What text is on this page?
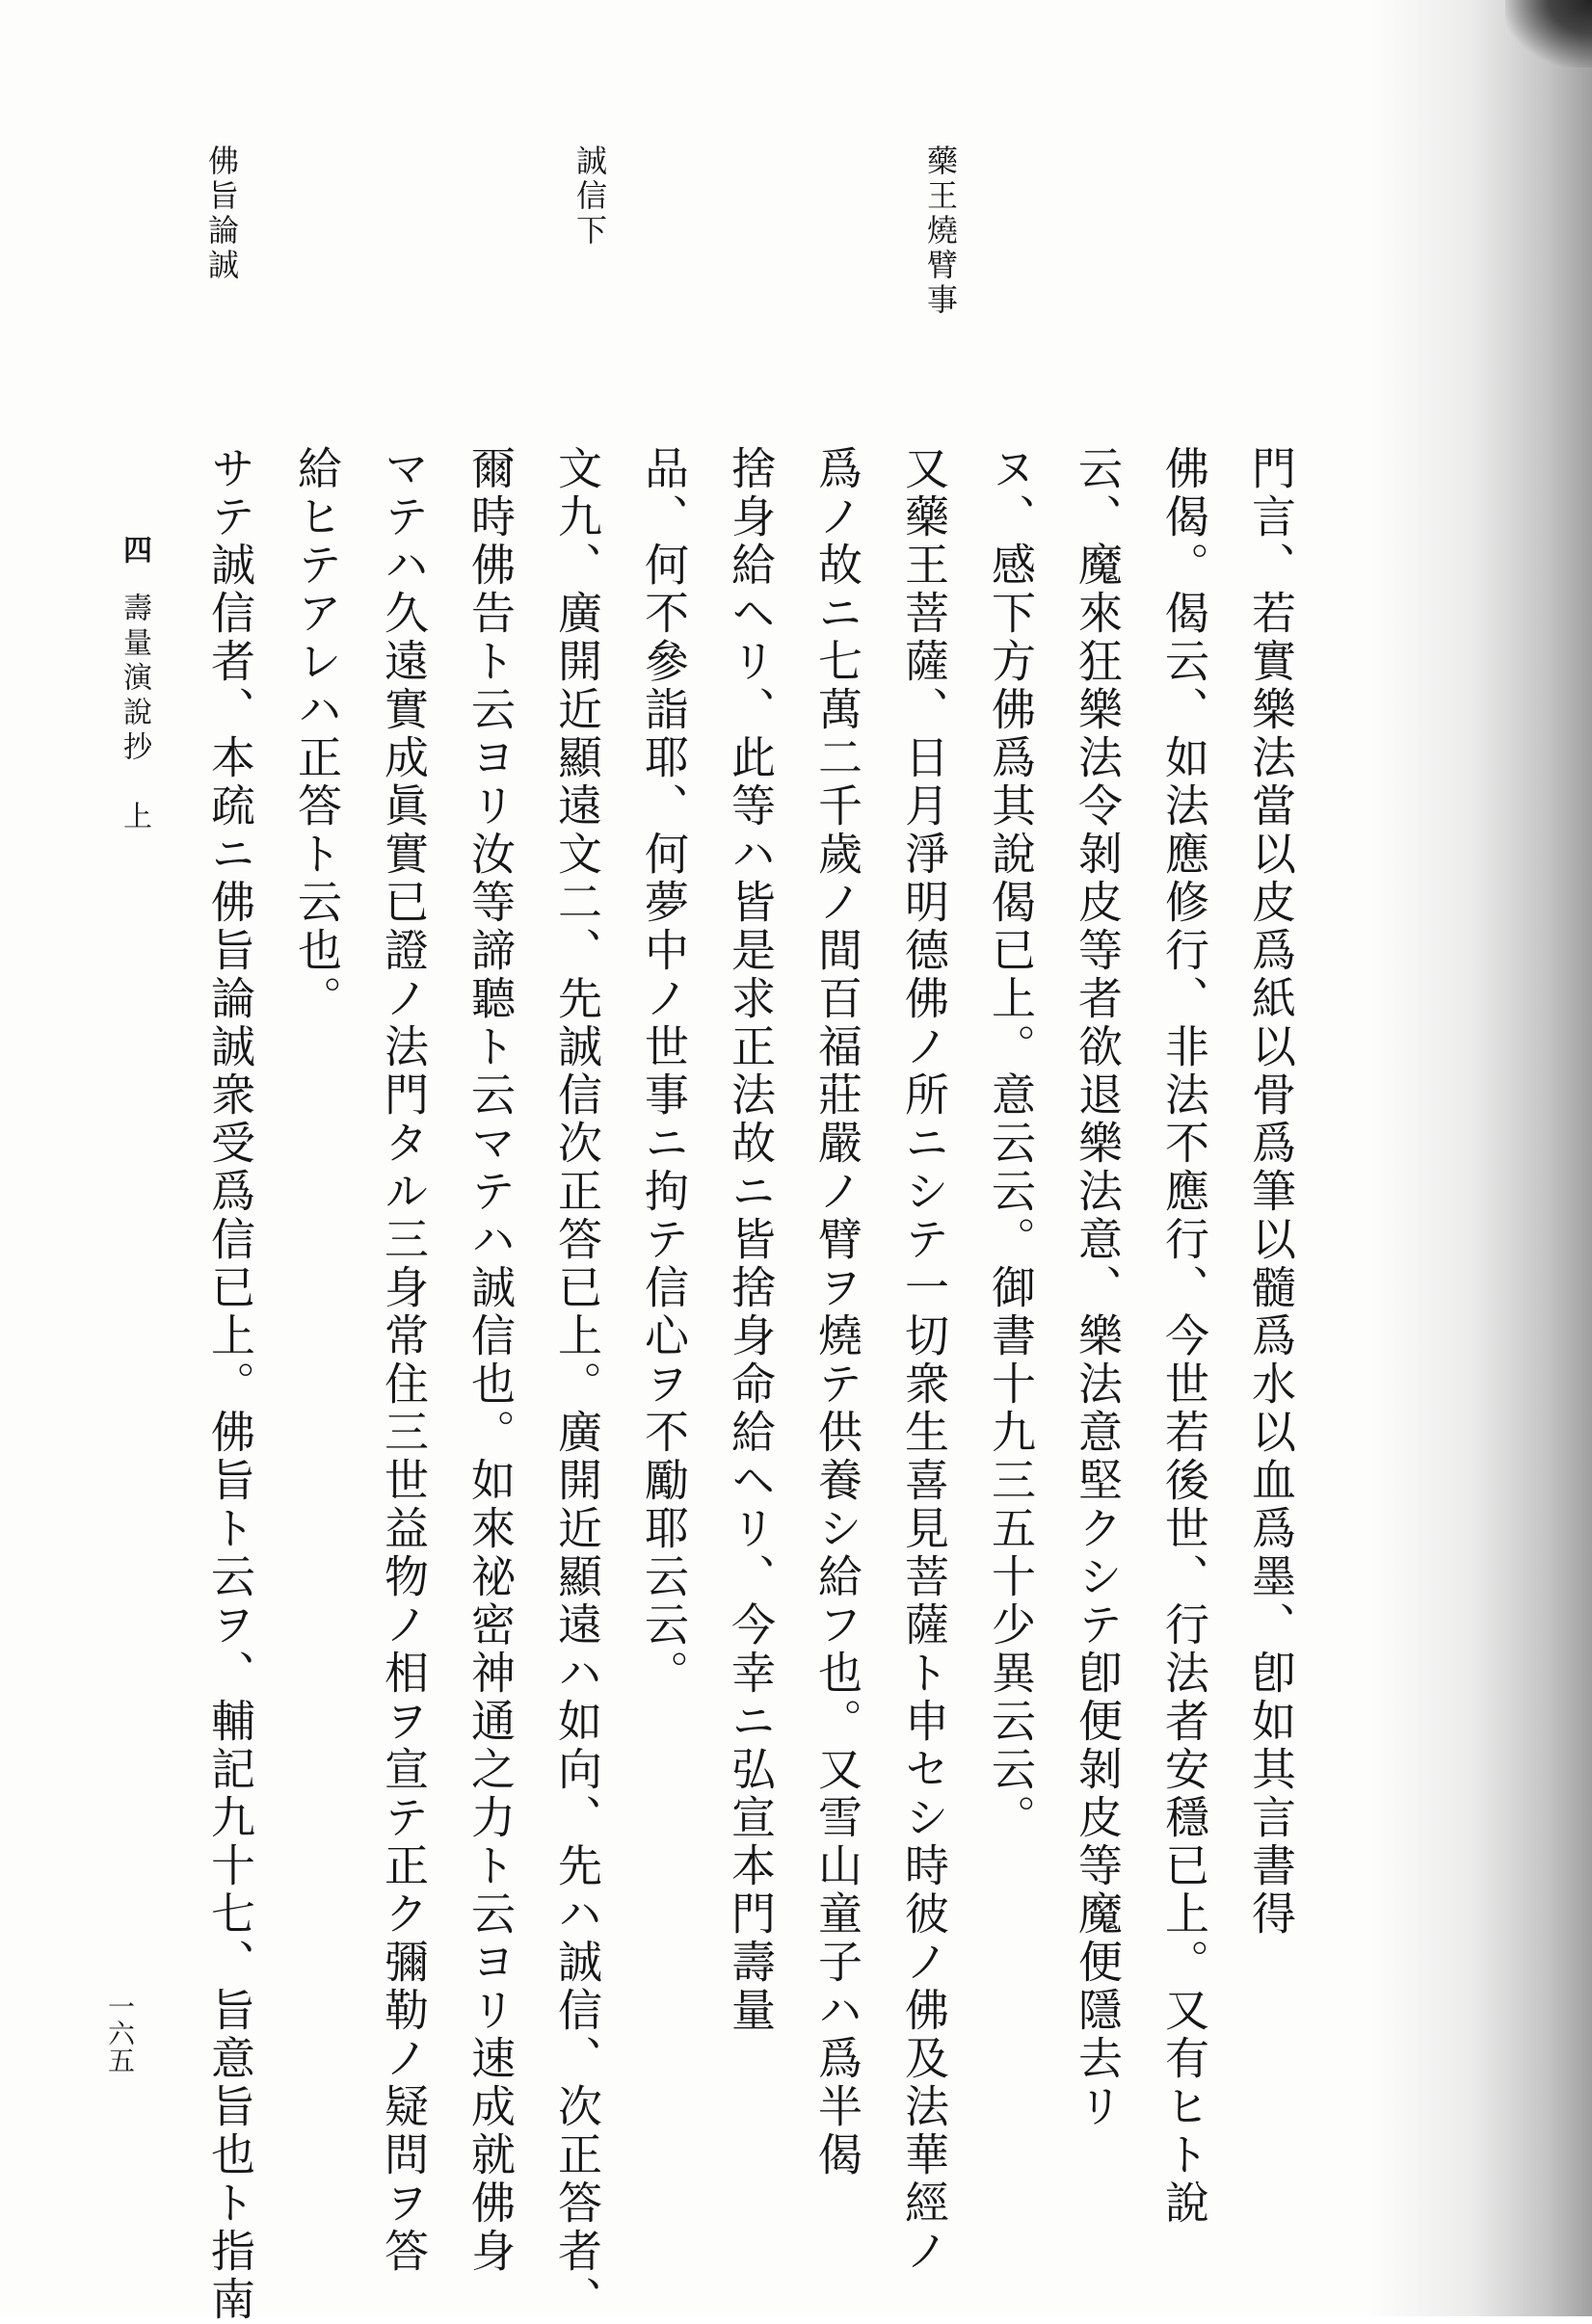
藥王燒臂事
誠信下
佛旨論誠
門言、若實樂法當以皮爲紙以骨爲筆以髓爲水以血爲墨、卽如其言書得
佛偈。偈云、如法應修行、非法不應行、今世若後世、行法者安穩已上。又有ヒト說
云、魔來狂樂法令剝皮等者欲退樂法意、樂法意堅クシテ卽便剝皮等魔便隱去リ
ヌ、感下方佛爲其說偈已上。意云云。御書十九三五十少異云云。
又藥王菩薩、日月淨明德佛ノ所ニシテ一切衆生喜見菩薩ト申セシ時彼ノ佛及法華經ノ
爲ノ故ニ七萬二千歲ノ間百福莊嚴ノ臂ヲ燒テ供養シ給フ也。又雪山童子ハ爲半偈
捨身給ヘリ、此等ハ皆是求正法故ニ皆捨身命給ヘリ、今幸ニ弘宣本門壽量
品、何不參詣耶、何夢中ノ世事ニ拘テ信心ヲ不勵耶云云。
文九、廣開近顯遠文二、先誠信次正答已上。廣開近顯遠ハ如向、先ハ誠信、次正答者、
爾時佛告ト云ヨリ汝等諦聽ト云マテハ誠信也。如來祕密神通之力ト云ヨリ速成就佛身
マテハ久遠實成眞實已證ノ法門タル三身常住三世益物ノ相ヲ宣テ正ク彌勒ノ疑問ヲ答
給ヒテアレハ正答ト云也。
サテ誠信者、本疏ニ佛旨論誠衆受爲信已上。佛旨ト云ヲ、輔記九十七、旨意旨也ト指南
四壽量演說抄　上
一六五
